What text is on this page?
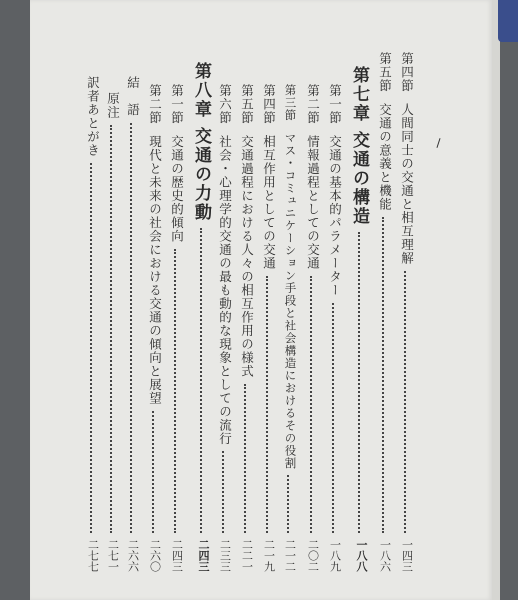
第四節
人間同士の交通と相互理解
一四三
第五節
交通の意義と機能
一八六
第七章
交通の構造
一八八
第一節
交通の基本的パラメーター
一八九
第二節
情報過程としての交通
二〇二
第三節
マス・コミュニケーション手段と社会構造におけるその役割
二一二
第四節
相互作用としての交通
二一九
第五節
交通過程における人々の相互作用の様式
二二一
第六節
社会・心理学的交通の最も動的な現象としての流行
二三三
第八章
交通の力動
二四三
第一節
交通の歴史的傾向
二四三
第二節
現代と未来の社会における交通の傾向と展望
二六〇
結　語
二六六
原注
二七一
訳者あとがき
二七七
